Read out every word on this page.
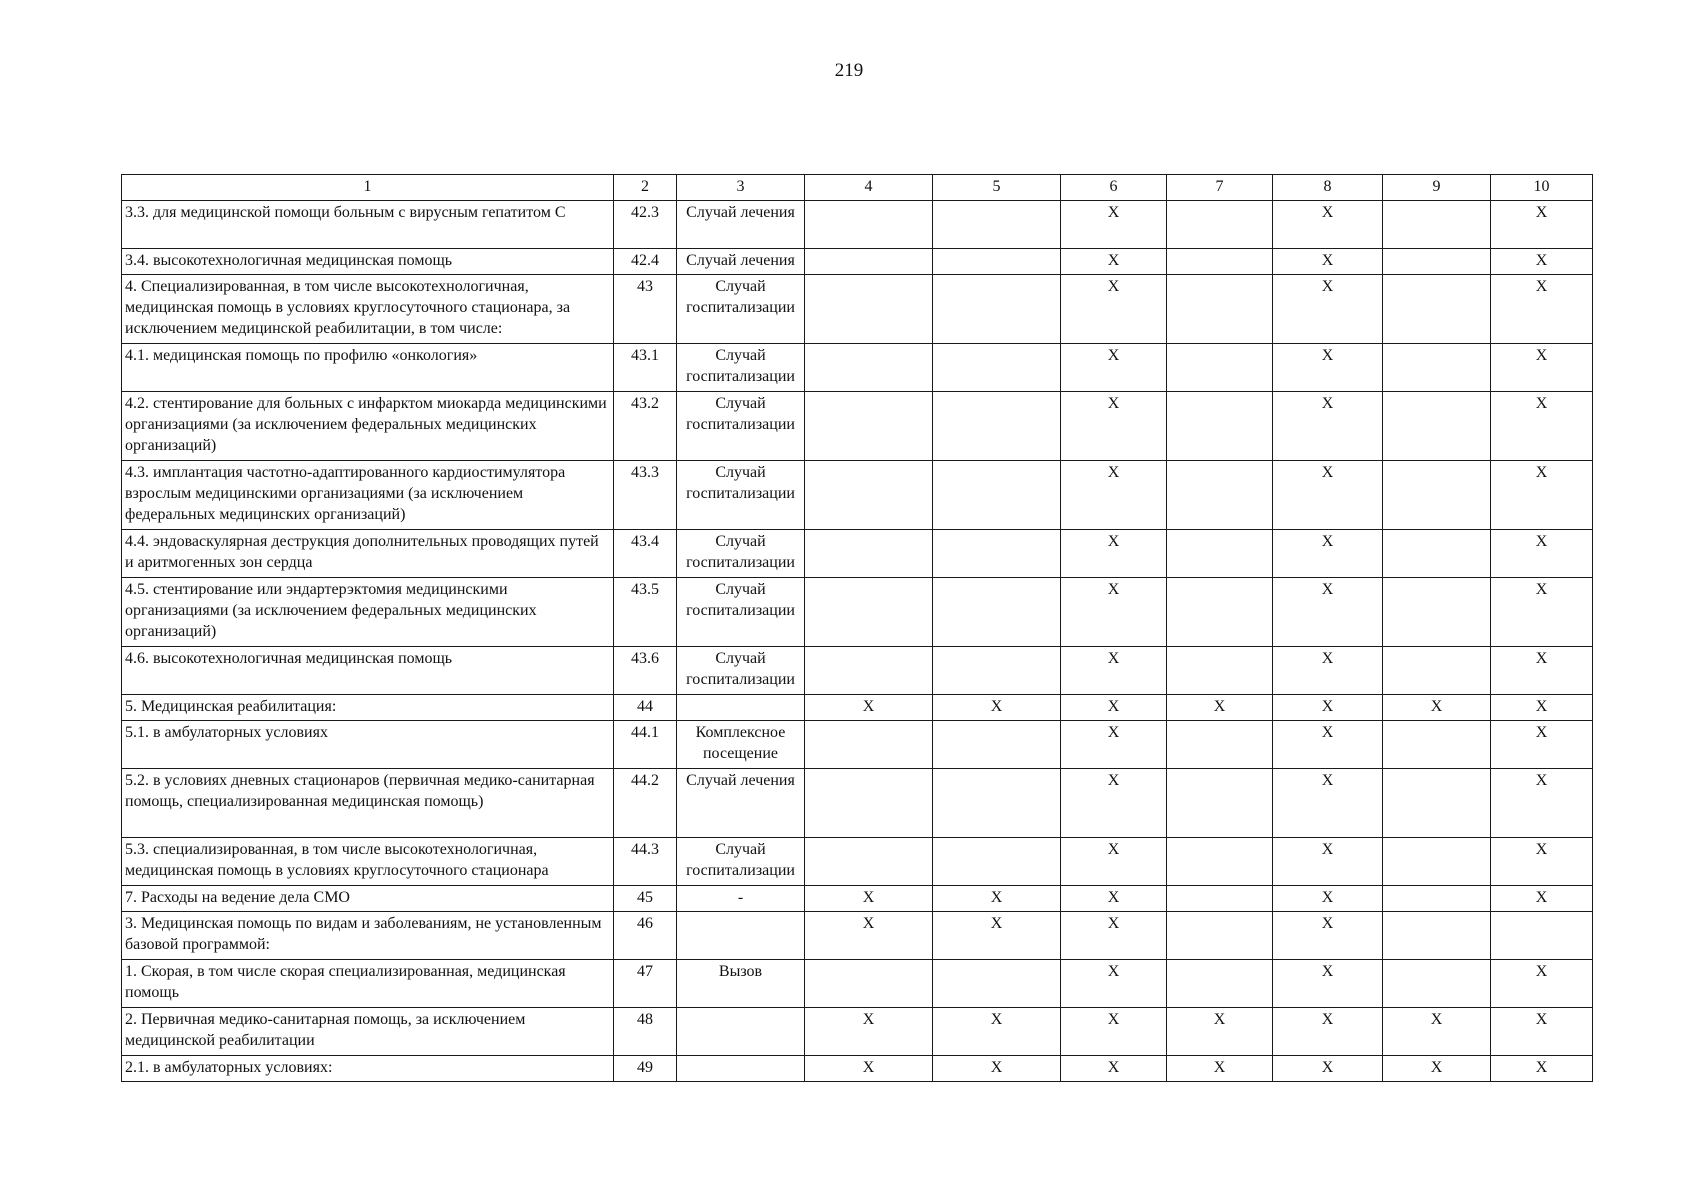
219
1	2	3	4	5	6	7	8	9	10
3.3. для медицинской помощи больным с вирусным гепатитом С	42.3	Случай лечения			X		X		X
3.4. высокотехнологичная медицинская помощь	42.4	Случай лечения			X		X		X
4. Специализированная, в том числе высокотехнологичная, медицинская помощь в условиях круглосуточного стационара, за исключением медицинской реабилитации, в том числе:	43	Случай госпитализации			X		X		X
4.1. медицинская помощь по профилю «онкология»	43.1	Случай госпитализации			X		X		X
4.2. стентирование для больных с инфарктом миокарда медицинскими организациями (за исключением федеральных медицинских организаций)	43.2	Случай госпитализации			X		X		X
4.3. имплантация частотно-адаптированного кардиостимулятора взрослым медицинскими организациями (за исключением федеральных медицинских организаций)	43.3	Случай госпитализации			X		X		X
4.4. эндоваскулярная деструкция дополнительных проводящих путей и аритмогенных зон сердца	43.4	Случай госпитализации			X		X		X
4.5. стентирование или эндартерэктомия медицинскими организациями (за исключением федеральных медицинских организаций)	43.5	Случай госпитализации			X		X		X
4.6. высокотехнологичная медицинская помощь	43.6	Случай госпитализации			X		X		X
5. Медицинская реабилитация:	44		X	X	X	X	X	X	X
5.1. в амбулаторных условиях	44.1	Комплексное посещение			X		X		X
5.2. в условиях дневных стационаров (первичная медико-санитарная помощь, специализированная медицинская помощь)	44.2	Случай лечения			X		X		X
5.3. специализированная, в том числе высокотехнологичная, медицинская помощь в условиях круглосуточного стационара	44.3	Случай госпитализации			X		X		X
7. Расходы на ведение дела СМО	45	-	X	X	X		X		X
3. Медицинская помощь по видам и заболеваниям, не установленным базовой программой:	46		X	X	X		X		
1. Скорая, в том числе скорая специализированная, медицинская помощь	47	Вызов			X		X		X
2. Первичная медико-санитарная помощь, за исключением медицинской реабилитации	48		X	X	X	X	X	X	X
2.1. в амбулаторных условиях:	49		X	X	X	X	X	X	X
